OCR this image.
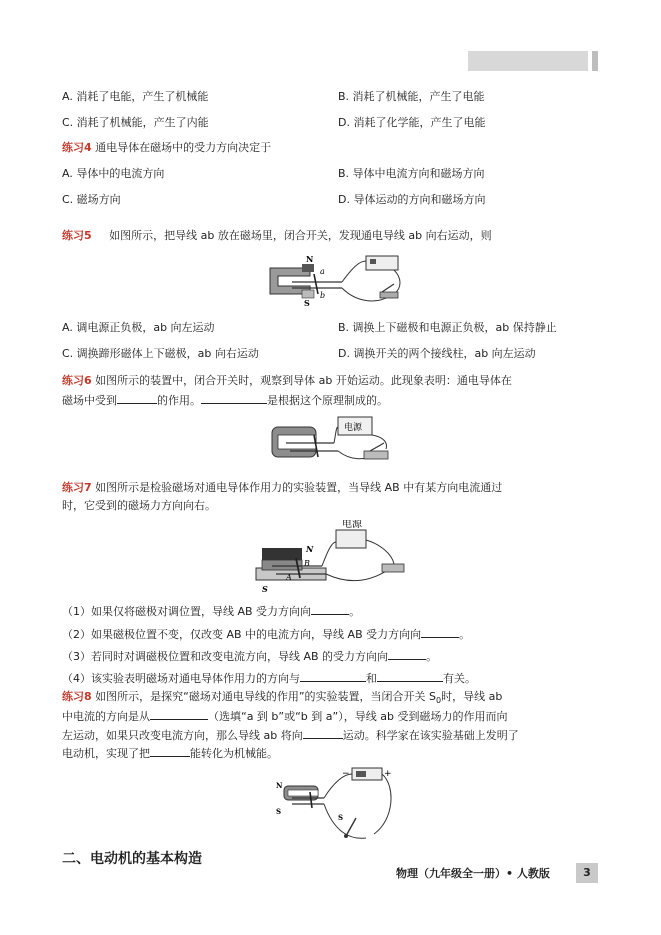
A. 消耗了电能，产生了机械能	B. 消耗了机械能，产生了电能
C. 消耗了机械能，产生了内能	D. 消耗了化学能，产生了电能
练习4 通电导体在磁场中的受力方向决定于
A. 导体中的电流方向	B. 导体中电流方向和磁场方向
C. 磁场方向	D. 导体运动的方向和磁场方向
练习5 如图所示，把导线 ab 放在磁场里，闭合开关，发现通电导线 ab 向右运动，则
N
S
a
b
A. 调电源正负极，ab 向左运动	B. 调换上下磁极和电源正负极，ab 保持静止
C. 调换蹄形磁体上下磁极，ab 向右运动	D. 调换开关的两个接线柱，ab 向左运动
练习6 如图所示的装置中，闭合开关时，观察到导体 ab 开始运动。此现象表明：通电导体在
磁场中受到	的作用。	是根据这个原理制成的。
电源
练习7 如图所示是检验磁场对通电导体作用力的实验装置，当导线 AB 中有某方向电流通过
时，它受到的磁场力方向向右。
电源
N
B
A
S
（1）如果仅将磁极对调位置，导线 AB 受力方向向	。
（2）如果磁极位置不变，仅改变 AB 中的电流方向，导线 AB 受力方向向	。
（3）若同时对调磁极位置和改变电流方向，导线 AB 的受力方向向	。
（4）该实验表明磁场对通电导体作用力的方向与	和	有关。
练习8 如图所示，是探究“磁场对通电导线的作用”的实验装置，当闭合开关 $S_0$时，导线 ab
中电流的方向是从	（选填“a 到 b”或“b 到 a”），导线 ab 受到磁场力的作用而向
左运动，如果只改变电流方向，那么导线 ab 将向	运动。科学家在该实验基础上发明了
电动机，实现了把	能转化为机械能。
N
S
S
−	+
二、电动机的基本构造
物理（九年级全一册）• 人教版	3
